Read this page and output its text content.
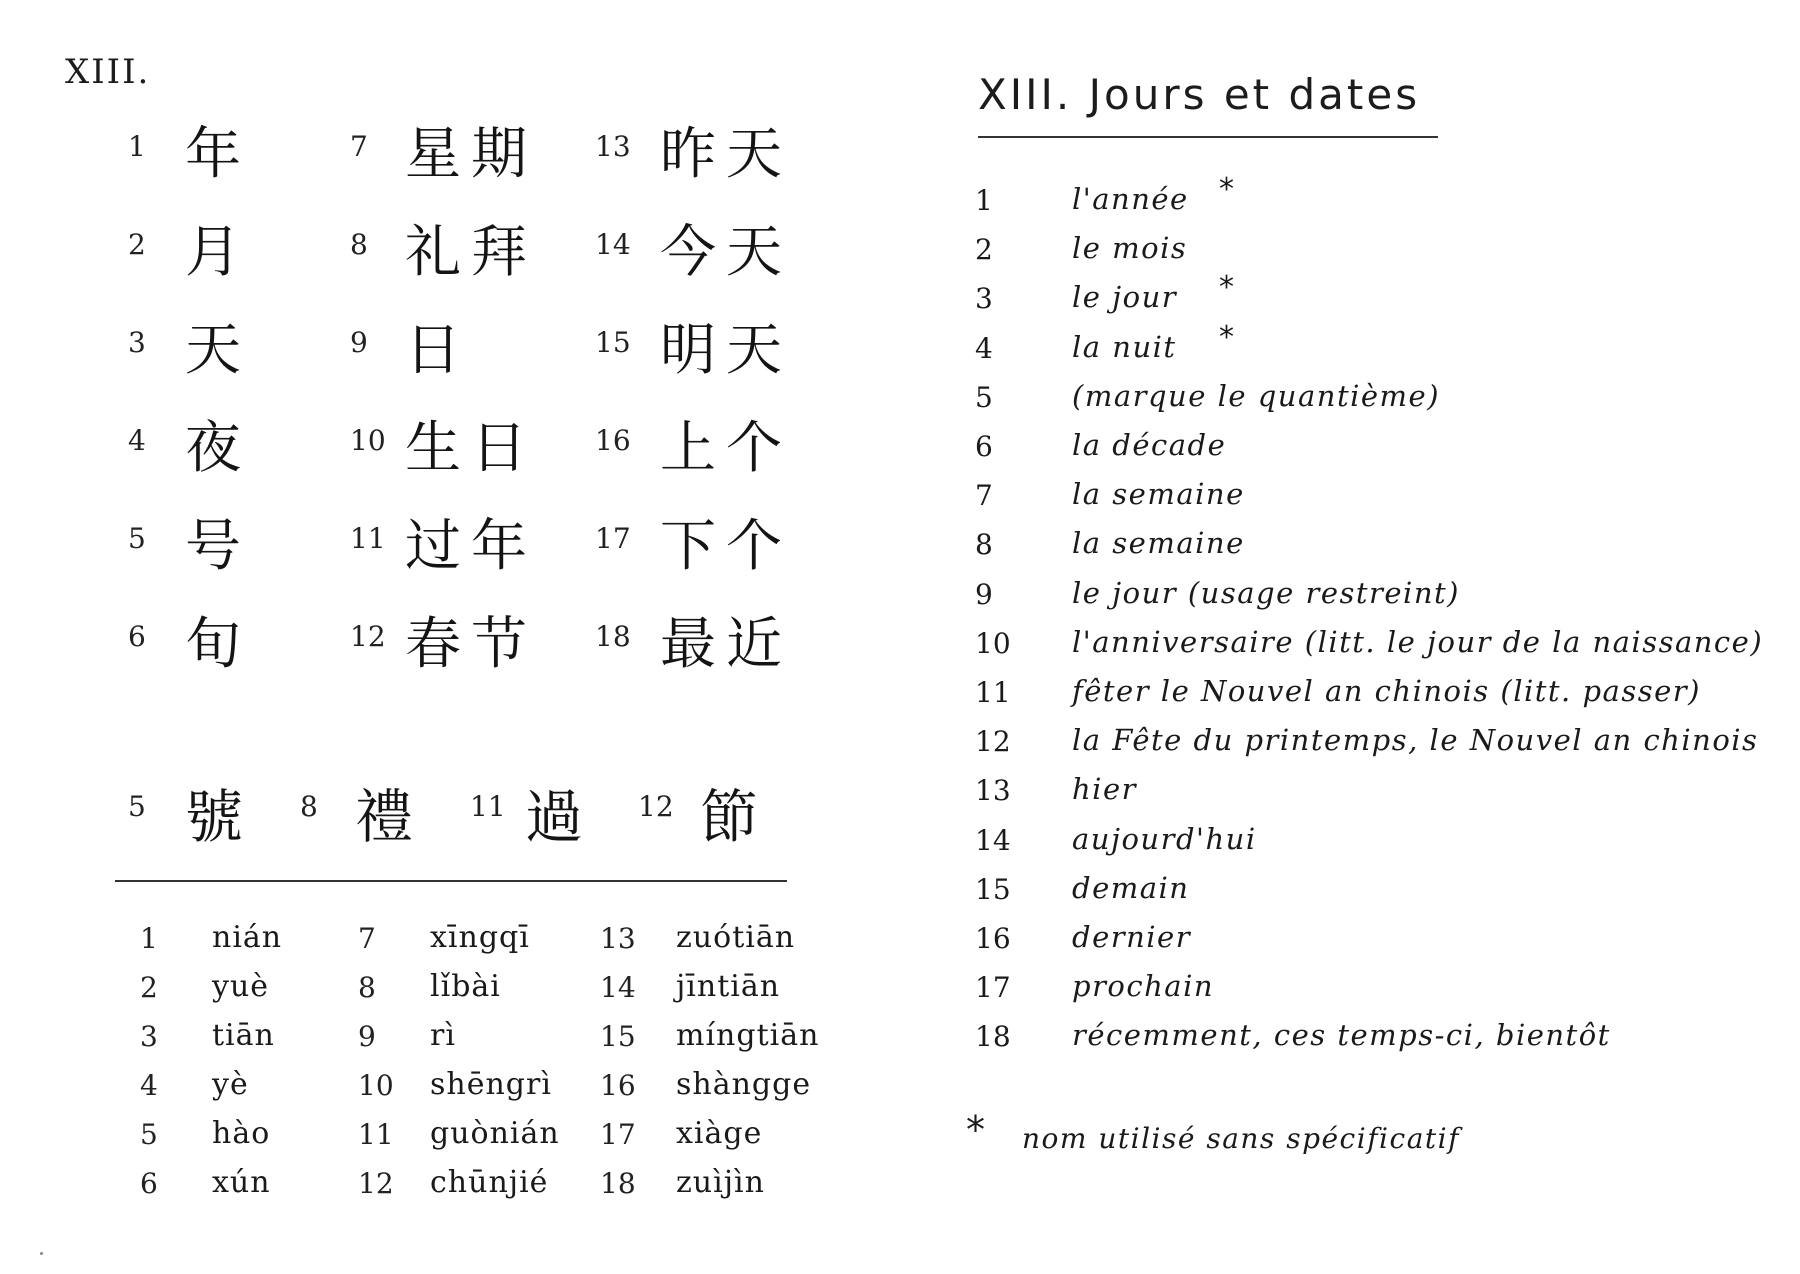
XIII.	XIII. Jours et dates
1 年
2 月
3 天
4 夜
5 号
6 旬
7 星期
8 礼拜
9 日
10 生日
11 过年
12 春节
13 昨天
14 今天
15 明天
16 上个
17 下个
18 最近
5 號 8 禮 11 過 12 節
1 nián
2 yuè
3 tiān
4 yè
5 hào
6 xún
7 xīngqī
8 lǐbài
9 rì
10 shēngrì
11 guònián
12 chūnjié
13 zuótiān
14 jīntiān
15 míngtiān
16 shàngge
17 xiàge
18 zuìjìn
1	l'année *
2	le mois
3	le jour *
4	la nuit *
5	(marque le quantième)
6	la décade
7	la semaine
8	la semaine
9	le jour (usage restreint)
10 l'anniversaire (litt. le jour de la naissance)
11 fêter le Nouvel an chinois (litt. passer)
12 la Fête du printemps, le Nouvel an chinois
13 hier
14 aujourd'hui
15 demain
16 dernier
17 prochain
18 récemment, ces temps-ci, bientôt
* nom utilisé sans spécificatif
